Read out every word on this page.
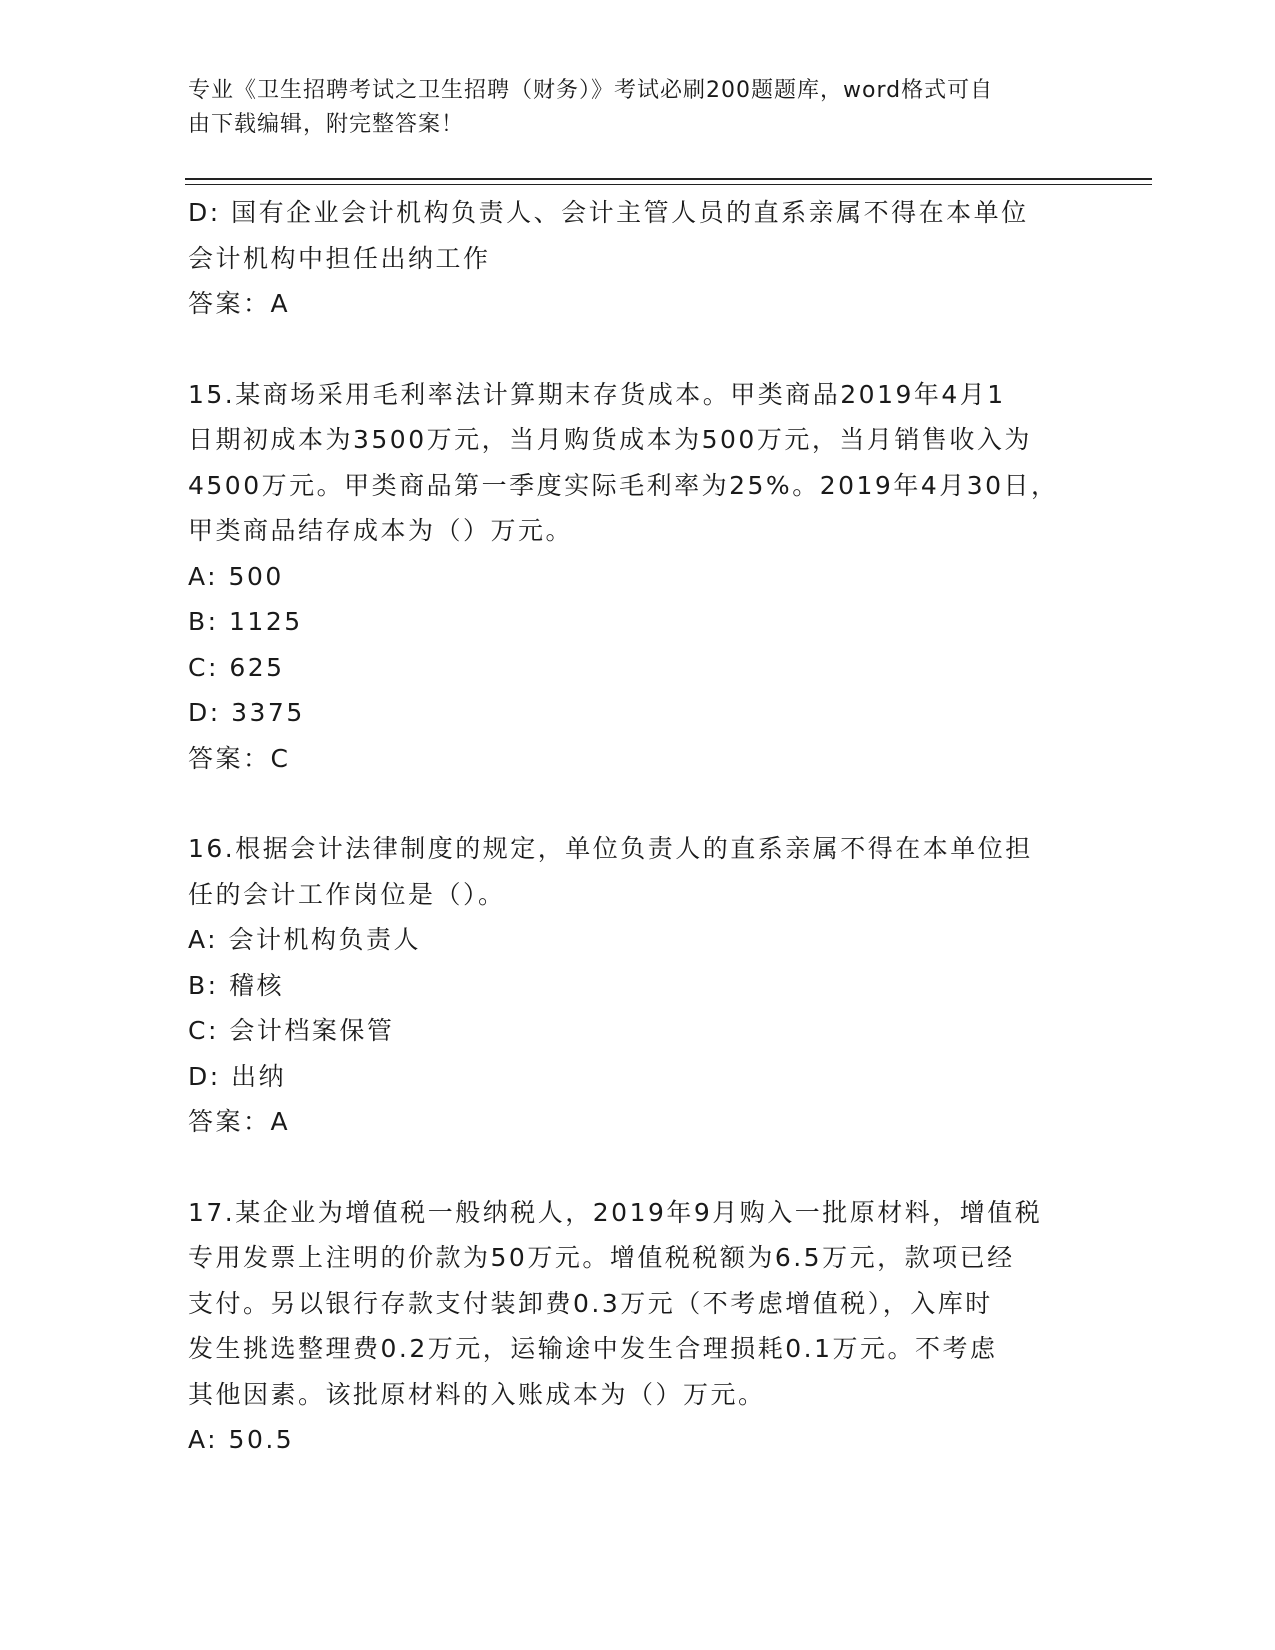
专业《卫生招聘考试之卫生招聘（财务）》考试必刷200题题库，word格式可自
由下载编辑，附完整答案！
D: 国有企业会计机构负责人、会计主管人员的直系亲属不得在本单位
会计机构中担任出纳工作
答案：A
15.某商场采用毛利率法计算期末存货成本。甲类商品2019年4月1
日期初成本为3500万元，当月购货成本为500万元，当月销售收入为
4500万元。甲类商品第一季度实际毛利率为25%。2019年4月30日，
甲类商品结存成本为（）万元。
A: 500
B: 1125
C: 625
D: 3375
答案：C
16.根据会计法律制度的规定，单位负责人的直系亲属不得在本单位担
任的会计工作岗位是（）。
A: 会计机构负责人
B: 稽核
C: 会计档案保管
D: 出纳
答案：A
17.某企业为增值税一般纳税人，2019年9月购入一批原材料，增值税
专用发票上注明的价款为50万元。增值税税额为6.5万元，款项已经
支付。另以银行存款支付装卸费0.3万元（不考虑增值税），入库时
发生挑选整理费0.2万元，运输途中发生合理损耗0.1万元。不考虑
其他因素。该批原材料的入账成本为（）万元。
A: 50.5
